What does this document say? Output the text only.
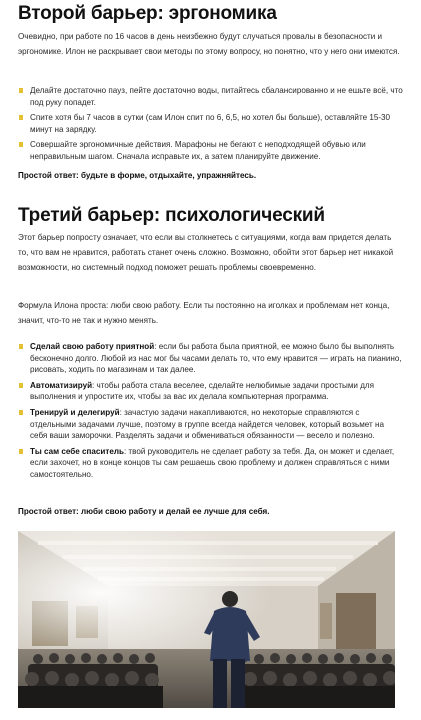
Второй барьер: эргономика

Очевидно, при работе по 16 часов в день неизбежно будут случаться провалы в безопасности и эргономике. Илон не раскрывает свои методы по этому вопросу, но понятно, что у него они имеются.

Делайте достаточно пауз, пейте достаточно воды, питайтесь сбалансированно и не ешьте всё, что под руку попадет.
Спите хотя бы 7 часов в сутки (сам Илон спит по 6, 6,5, но хотел бы больше), оставляйте 15-30 минут на зарядку.
Совершайте эргономичные действия. Марафоны не бегают с неподходящей обувью или неправильным шагом. Сначала исправьте их, а затем планируйте движение.
Простой ответ: будьте в форме, отдыхайте, упражняйтесь.
Третий барьер: психологический

Этот барьер попросту означает, что если вы столкнетесь с ситуациями, когда вам придется делать то, что вам не нравится, работать станет очень сложно. Возможно, обойти этот барьер нет никакой возможности, но системный подход поможет решать проблемы своевременно.

Формула Илона проста: люби свою работу. Если ты постоянно на иголках и проблемам нет конца, значит, что-то не так и нужно менять.

Сделай свою работу приятной: если бы работа была приятной, ее можно было бы выполнять бесконечно долго. Любой из нас мог бы часами делать то, что ему нравится — играть на пианино, рисовать, ходить по магазинам и так далее.
Автоматизируй: чтобы работа стала веселее, сделайте нелюбимые задачи простыми для выполнения и упростите их, чтобы за вас их делала компьютерная программа.
Тренируй и делегируй: зачастую задачи накапливаются, но некоторые справляются с отдельными задачами лучше, поэтому в группе всегда найдется человек, который возьмет на себя ваши заморочки. Разделять задачи и обмениваться обязанности — весело и полезно.
Ты сам себе спаситель: твой руководитель не сделает работу за тебя. Да, он может и сделает, если захочет, но в конце концов ты сам решаешь свою проблему и должен справляться с ними самостоятельно.
Простой ответ: люби свою работу и делай ее лучше для себя.
